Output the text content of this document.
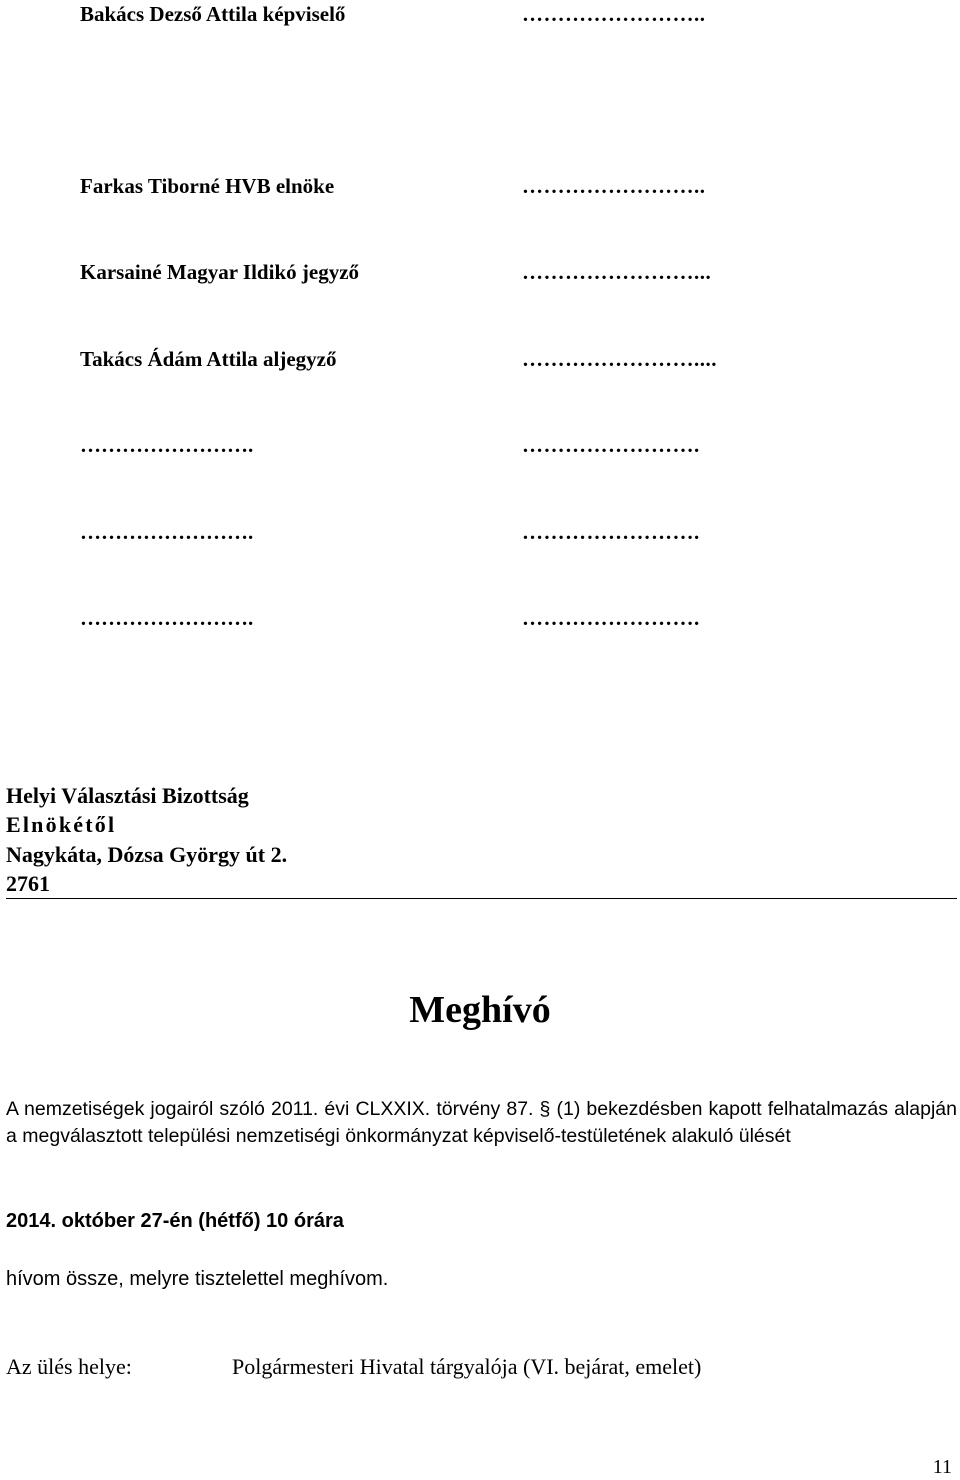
Bakács Dezső Attila képviselő	……………………..
Farkas Tiborné HVB elnöke	……………………..
Karsainé Magyar Ildikó jegyző	……………………...
Takács Ádám Attila aljegyző	……………………....
…………………….	…………………….
…………………….	…………………….
…………………….	…………………….
Helyi Választási Bizottság
Elnökétől
Nagykáta, Dózsa György út 2.
2761
Meghívó
A nemzetiségek jogairól szóló 2011. évi CLXXIX. törvény 87. § (1) bekezdésben kapott felhatalmazás alapján a megválasztott települési nemzetiségi önkormányzat képviselő-testületének alakuló ülését
2014. október 27-én (hétfő) 10 órára
hívom össze, melyre tisztelettel meghívom.
Az ülés helye:	Polgármesteri Hivatal tárgyalója (VI. bejárat, emelet)
11
